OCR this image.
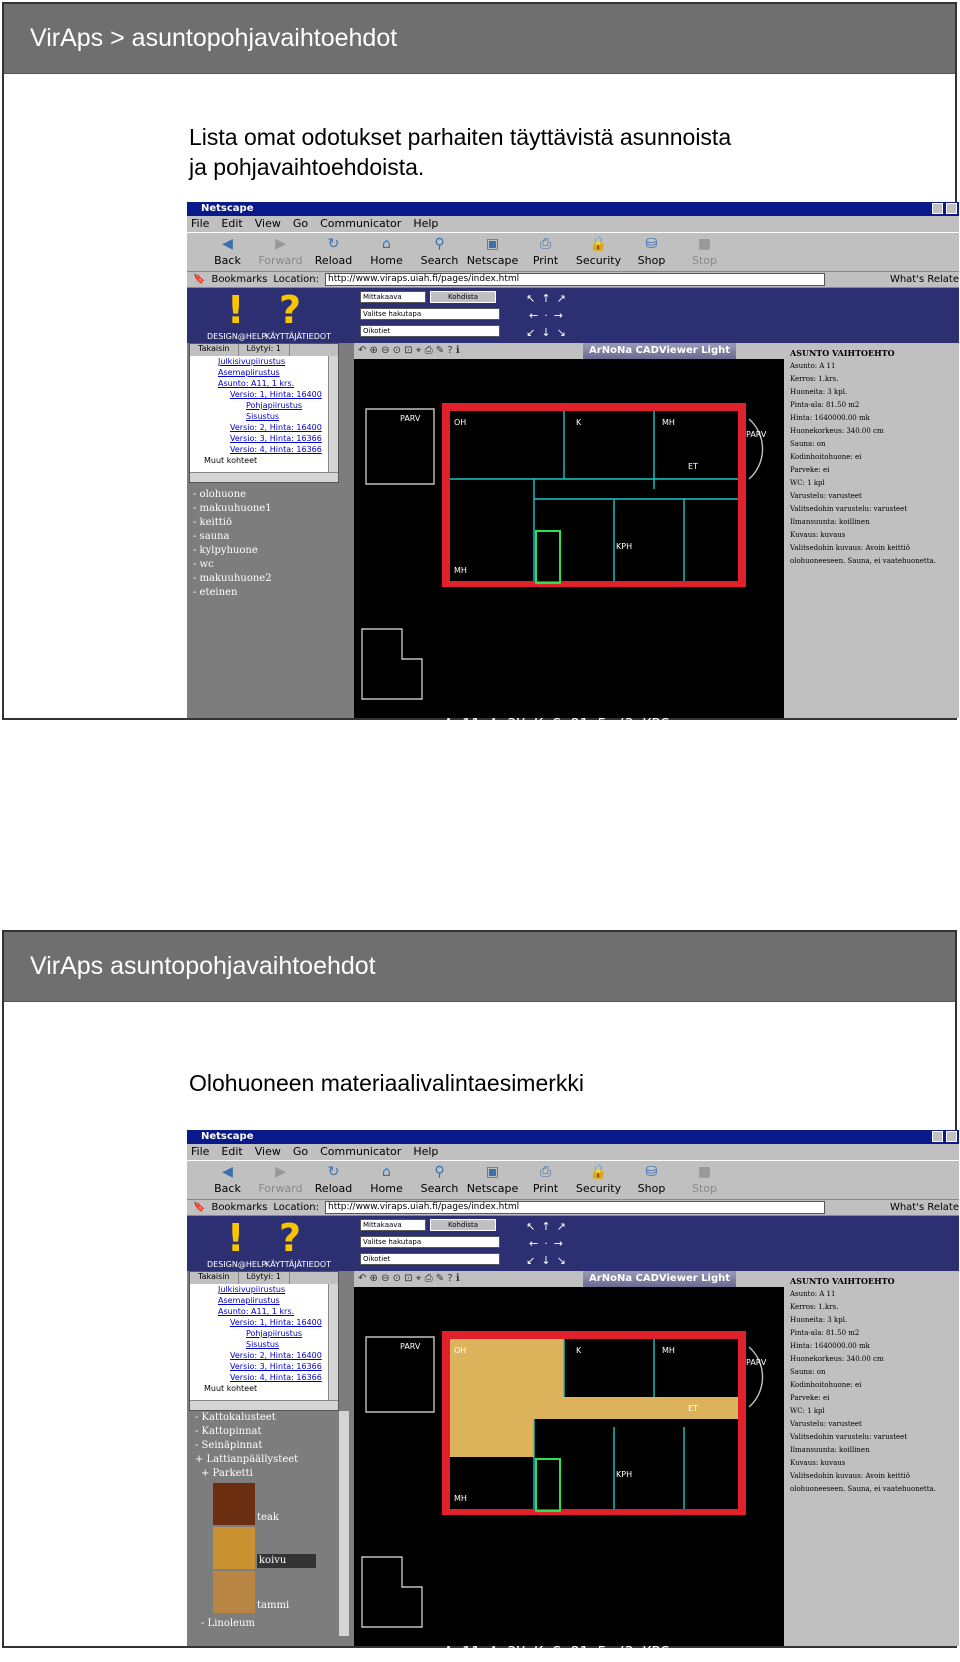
VirAps > asuntopohjavaihtoehdot
Lista omat odotukset parhaiten täyttävistä asunnoista ja pohjavaihtoehdoista.
Netscape
File Edit View Go Communicator Help
◀
Back
▶
Forward
↻
Reload
⌂
Home
⚲
Search
▣
Netscape
⎙
Print
🔒
Security
⛁
Shop
■
Stop
🔖 Bookmarks Location:	http://www.viraps.uiah.fi/pages/index.html	What's Relate
! ?
DESIGN@HELP
KÄYTTÄJÄTIEDOT
Takaisin	Löytyi: 1
Julkisivupiirustus
Asemapiirustus
Asunto: A11, 1 krs.
Versio: 1, Hinta: 16400
Pohjapiirustus
Sisustus
Versio: 2, Hinta: 16400
Versio: 3, Hinta: 16366
Versio: 4, Hinta: 16366
Muut kohteet
- olohuone
- makuuhuone1
- keittiö
- sauna
- kylpyhuone
- wc
- makuuhuone2
- eteinen
Mittakaava	Kohdista
Valitse hakutapa
Oikotiet
↖↑↗
←·→
↙↓↘
↶ ⊕ ⊖ ⊙ ⊡ ⌖ ⎙ ✎ ? ℹ	ArNoNa CADViewer Light
PARV	OH	K	MH
PARV
ET
MH
KPH
As11.A 3H+K+S 81.5 /3.KRS
ASUNTO VAIHTOEHTO
Asunto: A 11
Kerros: 1.krs.
Huoneita: 3 kpl.
Pinta-ala: 81.50 m2
Hinta: 1640000.00 mk
Huonekorkeus: 340.00 cm
Sauna: on
Kodinhoitohuone: ei
Parveke: ei
WC: 1 kpl
Varustelu: varusteet
Valitsedohin varustelu: varusteet
Ilmansuunta: koillinen
Kuvaus: kuvaus
Valitsedohin kuvaus: Avoin keittiö olohuoneeseen. Sauna, ei vaatehuonetta.
VirAps asuntopohjavaihtoehdot
Olohuoneen materiaalivalintaesimerkki
Netscape
File Edit View Go Communicator Help
◀
Back
▶
Forward
↻
Reload
⌂
Home
⚲
Search
▣
Netscape
⎙
Print
🔒
Security
⛁
Shop
■
Stop
🔖 Bookmarks Location:	http://www.viraps.uiah.fi/pages/index.html	What's Relate
! ?
DESIGN@HELP
KÄYTTÄJÄTIEDOT
Takaisin	Löytyi: 1
Julkisivupiirustus
Asemapiirustus
Asunto: A11, 1 krs.
Versio: 1, Hinta: 16400
Pohjapiirustus
Sisustus
Versio: 2, Hinta: 16400
Versio: 3, Hinta: 16366
Versio: 4, Hinta: 16366
Muut kohteet
- Kattokalusteet
- Kattopinnat
- Seinäpinnat
+ Lattianpäällysteet
+ Parketti
teak
koivu
tammi
- Linoleum
Mittakaava	Kohdista
Valitse hakutapa
Oikotiet
↖↑↗
←·→
↙↓↘
↶ ⊕ ⊖ ⊙ ⊡ ⌖ ⎙ ✎ ? ℹ	ArNoNa CADViewer Light
PARV	OH	K	MH
PARV
ET
MH
KPH
As11.A 3H+K+S 81.5 /3.KRS
ASUNTO VAIHTOEHTO
Asunto: A 11
Kerros: 1.krs.
Huoneita: 3 kpl.
Pinta-ala: 81.50 m2
Hinta: 1640000.00 mk
Huonekorkeus: 340.00 cm
Sauna: on
Kodinhoitohuone: ei
Parveke: ei
WC: 1 kpl
Varustelu: varusteet
Valitsedohin varustelu: varusteet
Ilmansuunta: koillinen
Kuvaus: kuvaus
Valitsedohin kuvaus: Avoin keittiö olohuoneeseen. Sauna, ei vaatehuonetta.
